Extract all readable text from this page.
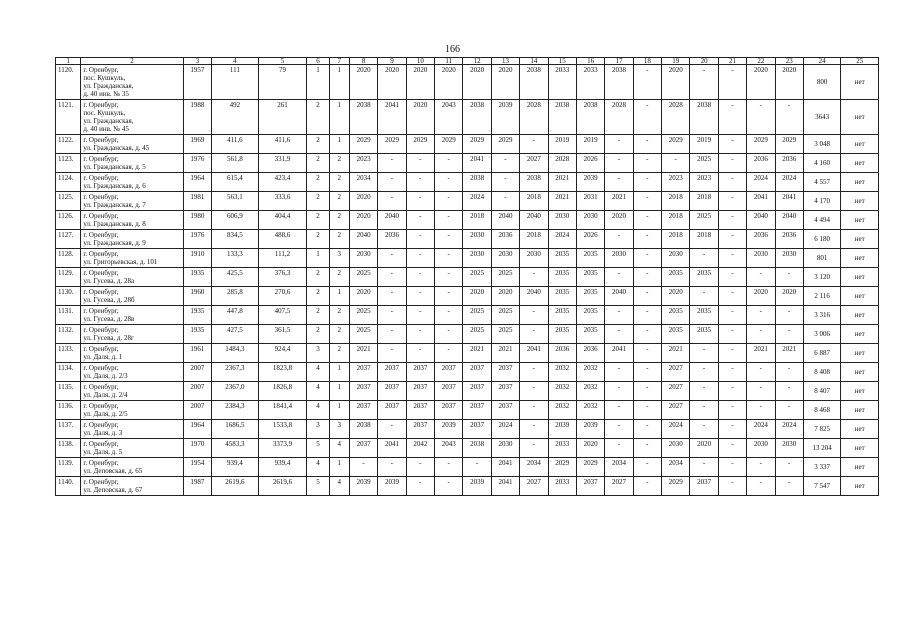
166
1	2	3	4	5	6	7	8	9	10	11	12	13	14	15	16	17	18	19	20	21	22	23	24	25
1120.	г. Оренбург,
пос. Кушкуль,
ул. Гражданская,
д. 40 инв. № 35	1957	111	79	1	1	2020	2020	2020	2020	2020	2020	2038	2033	2033	2038	-	2020	-	-	2020	2020	800	нет
1121.	г. Оренбург,
пос. Кушкуль,
ул. Гражданская,
д. 40 инв. № 45	1988	492	261	2	1	2038	2041	2020	2043	2038	2039	2028	2038	2038	2028	-	2028	2038	-	-	-	3643	нет
1122.	г. Оренбург,
ул. Гражданская, д. 45	1969	411,6	411,6	2	1	2029	2029	2029	2029	2029	2029	-	2019	2019	-	-	2029	2019	-	2029	2029	3 048	нет
1123.	г. Оренбург,
ул. Гражданская, д. 5	1976	561,8	331,9	2	2	2023	-	-	-	2041	-	2027	2028	2026	-	-	-	2025	-	2036	2036	4 160	нет
1124.	г. Оренбург,
ул. Гражданская, д. 6	1964	615,4	423,4	2	2	2034	-	-	-	2038	-	2038	2021	2039	-	-	2023	2023	-	2024	2024	4 557	нет
1125.	г. Оренбург,
ул. Гражданская, д. 7	1981	563,1	333,6	2	2	2020	-	-	-	2024	-	2018	2021	2031	2021	-	2018	2018	-	2041	2041	4 170	нет
1126.	г. Оренбург,
ул. Гражданская, д. 8	1980	606,9	404,4	2	2	2020	2040	-	-	2018	2040	2040	2030	2030	2020	-	2018	2025	-	2040	2040	4 494	нет
1127.	г. Оренбург,
ул. Гражданская, д. 9	1976	834,5	488,6	2	2	2040	2036	-	-	2030	2036	2018	2024	2026	-	-	2018	2018	-	2036	2036	6 180	нет
1128.	г. Оренбург,
ул. Григорьевская, д. 101	1910	133,3	111,2	1	3	2030	-	-	-	2030	2030	2030	2035	2035	2030	-	2030	-	-	2030	2030	801	нет
1129.	г. Оренбург,
ул. Гусева, д. 28а	1935	425,5	376,3	2	2	2025	-	-	-	2025	2025	-	2035	2035	-	-	2035	2035	-	-	-	3 120	нет
1130.	г. Оренбург,
ул. Гусева, д. 28б	1960	285,8	270,6	2	1	2020	-	-	-	2020	2020	2040	2035	2035	2040	-	2020	-	-	2020	2020	2 116	нет
1131.	г. Оренбург,
ул. Гусева, д. 28в	1935	447,8	407,5	2	2	2025	-	-	-	2025	2025	-	2035	2035	-	-	2035	2035	-	-	-	3 316	нет
1132.	г. Оренбург,
ул. Гусева, д. 28г	1935	427,5	361,5	2	2	2025	-	-	-	2025	2025	-	2035	2035	-	-	2035	2035	-	-	-	3 006	нет
1133.	г. Оренбург,
ул. Даля, д. 1	1961	1484,3	924,4	3	2	2021	-	-	-	2021	2021	2041	2036	2036	2041	-	2021	-	-	2021	2021	6 887	нет
1134.	г. Оренбург,
ул. Даля, д. 2/3	2007	2367,3	1823,8	4	1	2037	2037	2037	2037	2037	2037	-	2032	2032	-	-	2027	-	-	-	-	8 408	нет
1135.	г. Оренбург,
ул. Даля, д. 2/4	2007	2367,0	1826,8	4	1	2037	2037	2037	2037	2037	2037	-	2032	2032	-	-	2027	-	-	-	-	8 407	нет
1136.	г. Оренбург,
ул. Даля, д. 2/5	2007	2384,3	1841,4	4	1	2037	2037	2037	2037	2037	2037	-	2032	2032	-	-	2027	-	-	-	-	8 468	нет
1137.	г. Оренбург,
ул. Даля, д. 3	1964	1686,5	1533,8	3	3	2038	-	2037	2039	2037	2024	-	2039	2039	-	-	2024	-	-	2024	2024	7 825	нет
1138.	г. Оренбург,
ул. Даля, д. 5	1970	4583,3	3373,9	5	4	2037	2041	2042	2043	2038	2030	-	2033	2020	-	-	2030	2020	-	2030	2030	13 204	нет
1139.	г. Оренбург,
ул. Деповская, д. 65	1954	939,4	939,4	4	1	-	-	-	-	-	2041	2034	2029	2029	2034	-	2034	-	-	-	-	3 337	нет
1140.	г. Оренбург,
ул. Деповская, д. 67	1987	2619,6	2619,6	5	4	2039	2039	-	-	2039	2041	2027	2033	2037	2027	-	2029	2037	-	-	-	7 547	нет
